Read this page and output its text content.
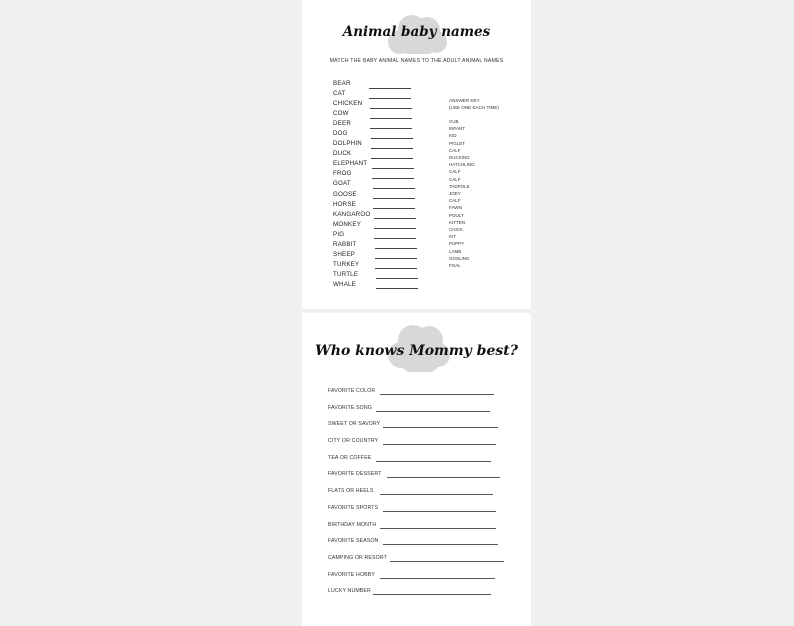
Animal baby names
MATCH THE BABY ANIMAL NAMES TO THE ADULT ANIMAL NAMES
BEAR
CAT
CHICKEN
COW
DEER
DOG
DOLPHIN
DUCK
ELEPHANT
FROG
GOAT
GOOSE
HORSE
KANGAROO
MONKEY
PIG
RABBIT
SHEEP
TURKEY
TURTLE
WHALE
ANSWER KEY
(USE ONE EACH TIME)
CUB
INFANT
KID
PIGLET
CALF
DUCKING
HATCHLING
CALF
CALF
TADPOLE
JOEY
CALF
FAWN
POULT
KITTEN
CHICK
KIT
PUPPY
LAMB
GOSLING
FOAL
Who knows Mommy best?
FAVORITE COLOR
FAVORITE SONG
SWEET OR SAVORY
CITY OR COUNTRY
TEA OR COFFEE
FAVORITE DESSERT
FLATS OR HEELS
FAVORITE SPORTS
BIRTHDAY MONTH
FAVORITE SEASON
CAMPING OR RESORT
FAVORITE HOBBY
LUCKY NUMBER
